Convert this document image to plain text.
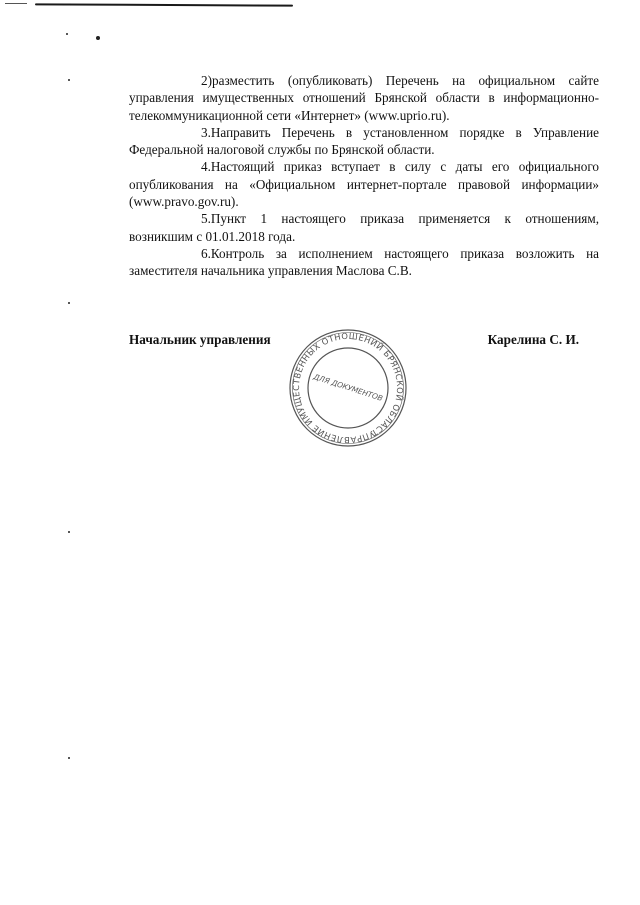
2)разместить (опубликовать) Перечень на официальном сайте управления имущественных отношений Брянской области в информационно-телекоммуникационной сети «Интернет» (www.uprio.ru).

3.Направить Перечень в установленном порядке в Управление Федеральной налоговой службы по Брянской области.

4.Настоящий приказ вступает в силу с даты его официального опубликования на «Официальном интернет-портале правовой информации» (www.pravo.gov.ru).

5.Пункт 1 настоящего приказа применяется к отношениям, возникшим с 01.01.2018 года.

6.Контроль за исполнением настоящего приказа возложить на заместителя начальника управления Маслова С.В.

Начальник управления	Карелина С. И.
УПРАВЛЕНИЕ ИМУЩЕСТВЕННЫХ ОТНОШЕНИЙ БРЯНСКОЙ ОБЛАСТИ
ДЛЯ ДОКУМЕНТОВ
